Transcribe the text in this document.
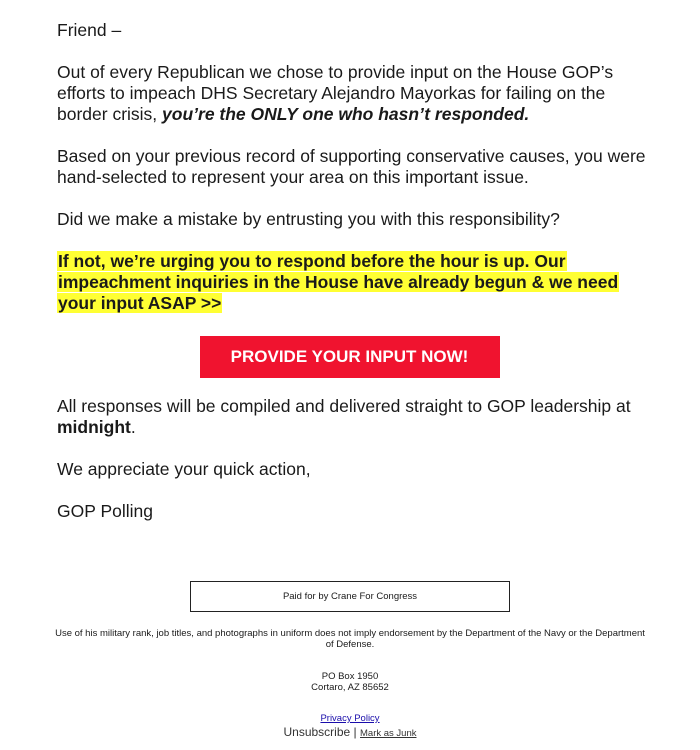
Friend –

Out of every Republican we chose to provide input on the House GOP’s efforts to impeach DHS Secretary Alejandro Mayorkas for failing on the border crisis, you’re the ONLY one who hasn’t responded.

Based on your previous record of supporting conservative causes, you were hand-selected to represent your area on this important issue.

Did we make a mistake by entrusting you with this responsibility?

If not, we’re urging you to respond before the hour is up. Our impeachment inquiries in the House have already begun & we need your input ASAP >>

PROVIDE YOUR INPUT NOW!

All responses will be compiled and delivered straight to GOP leadership at midnight.

We appreciate your quick action,

GOP Polling

Paid for by Crane For Congress
Use of his military rank, job titles, and photographs in uniform does not imply endorsement by the Department of the Navy or the Department of Defense.
PO Box 1950
Cortaro, AZ 85652
Privacy Policy
Unsubscribe | Mark as Junk
